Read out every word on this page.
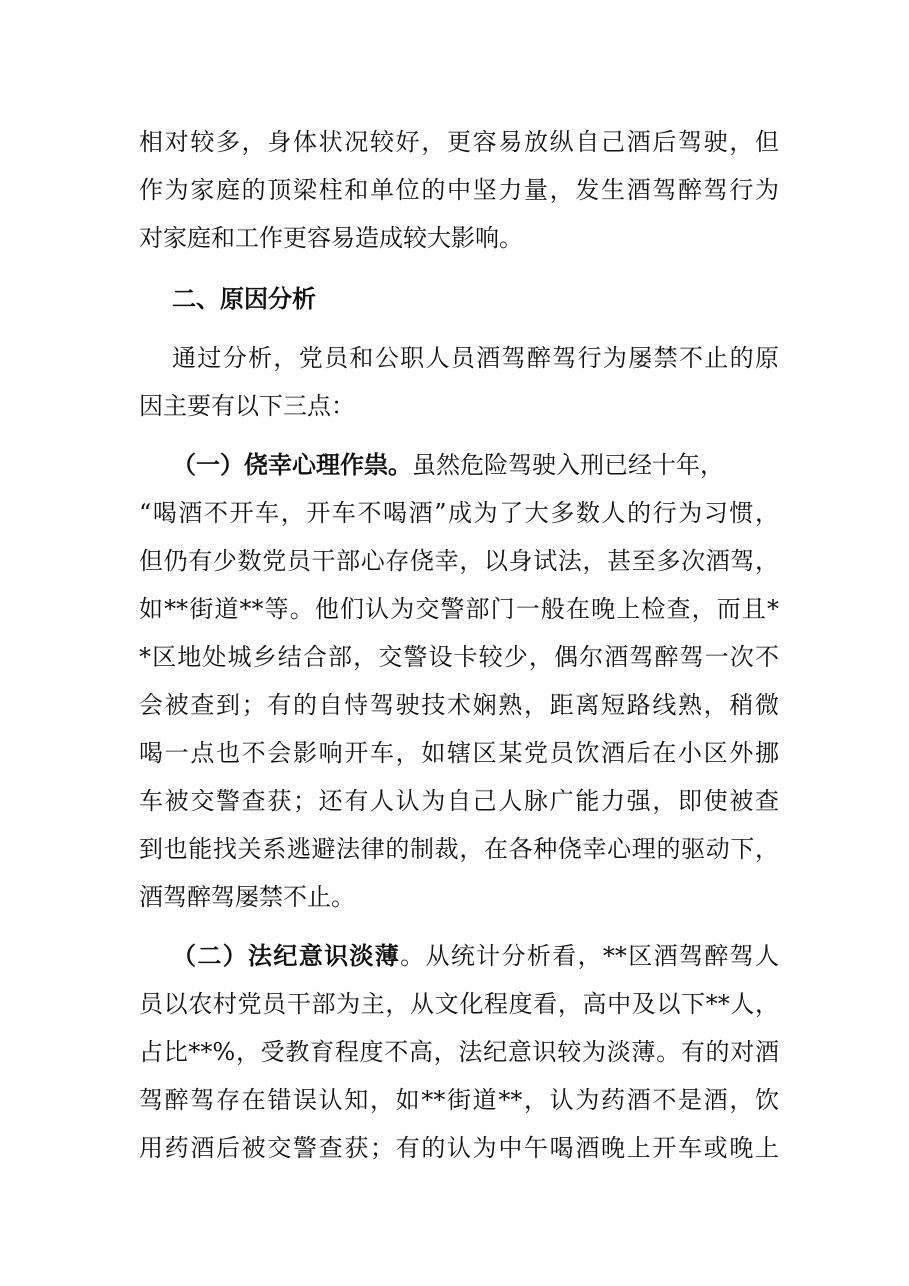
相对较多，身体状况较好，更容易放纵自己酒后驾驶，但
作为家庭的顶梁柱和单位的中坚力量，发生酒驾醉驾行为
对家庭和工作更容易造成较大影响。
二、原因分析
通过分析，党员和公职人员酒驾醉驾行为屡禁不止的原
因主要有以下三点：
（一）侥幸心理作祟。虽然危险驾驶入刑已经十年，
“喝酒不开车，开车不喝酒”成为了大多数人的行为习惯，
但仍有少数党员干部心存侥幸，以身试法，甚至多次酒驾，
如**街道**等。他们认为交警部门一般在晚上检查，而且*
*区地处城乡结合部，交警设卡较少，偶尔酒驾醉驾一次不
会被查到；有的自恃驾驶技术娴熟，距离短路线熟，稍微
喝一点也不会影响开车，如辖区某党员饮酒后在小区外挪
车被交警查获；还有人认为自己人脉广能力强，即使被查
到也能找关系逃避法律的制裁，在各种侥幸心理的驱动下，
酒驾醉驾屡禁不止。
（二）法纪意识淡薄。从统计分析看，**区酒驾醉驾人
员以农村党员干部为主，从文化程度看，高中及以下**人，
占比**%，受教育程度不高，法纪意识较为淡薄。有的对酒
驾醉驾存在错误认知，如**街道**，认为药酒不是酒，饮
用药酒后被交警查获；有的认为中午喝酒晚上开车或晚上
